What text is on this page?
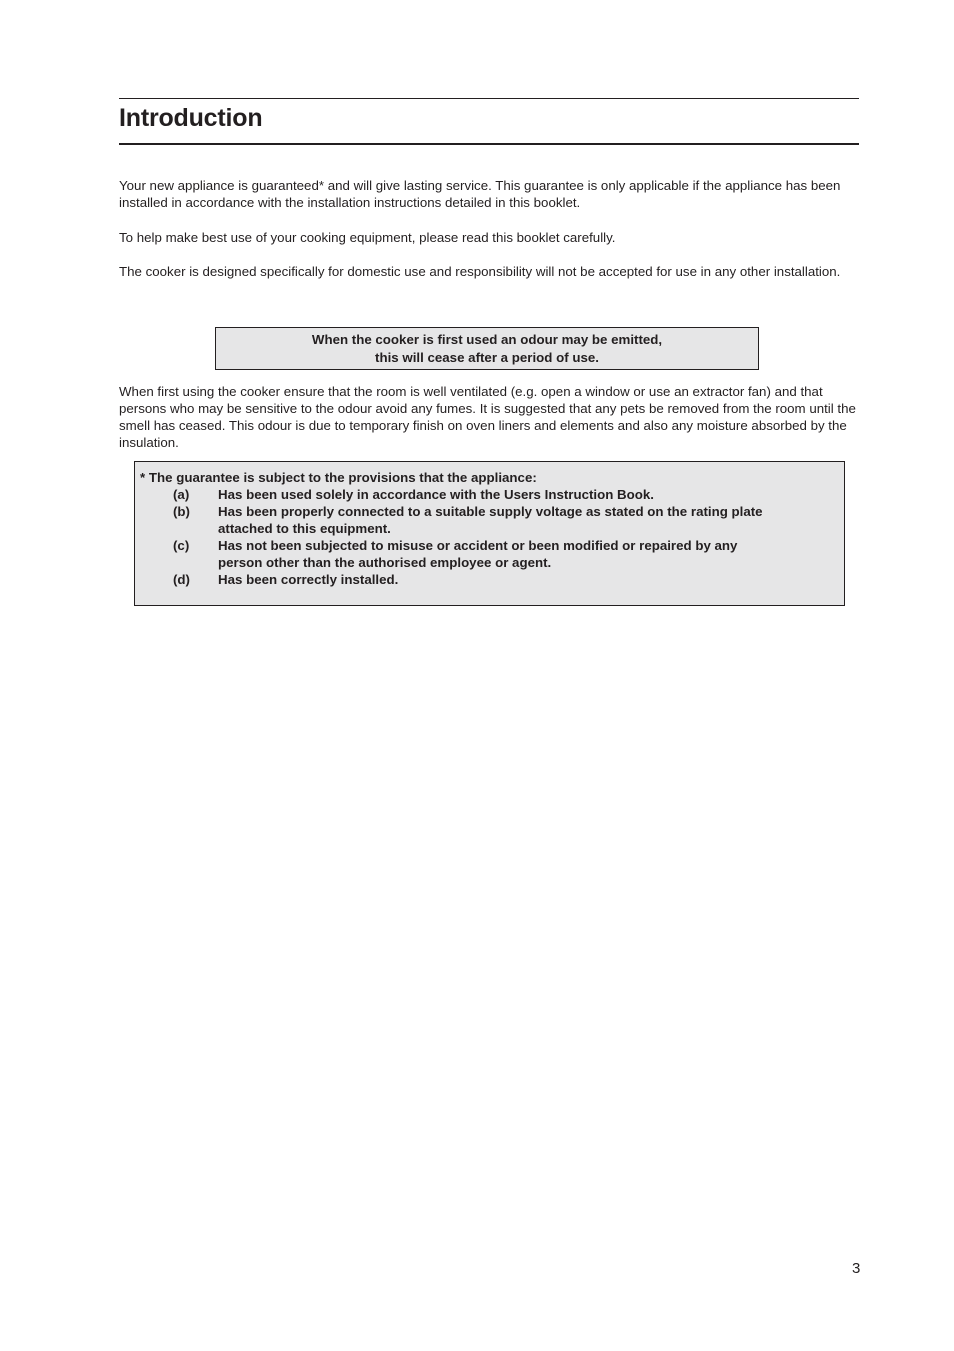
Introduction

Your new appliance is guaranteed* and will give lasting service. This guarantee is only applicable if the appliance has been installed in accordance with the installation instructions detailed in this booklet.

To help make best use of your cooking equipment, please read this booklet carefully.

The cooker is designed specifically for domestic use and responsibility will not be accepted for use in any other installation.

When the cooker is first used an odour may be emitted,
this will cease after a period of use.

When first using the cooker ensure that the room is well ventilated (e.g. open a window or use an extractor fan) and that persons who may be sensitive to the odour avoid any fumes. It is suggested that any pets be removed from the room until the smell has ceased. This odour is due to temporary finish on oven liners and elements and also any moisture absorbed by the insulation.

* The guarantee is subject to the provisions that the appliance:
(a) Has been used solely in accordance with the Users Instruction Book.
(b) Has been properly connected to a suitable supply voltage as stated on the rating plate attached to this equipment.
(c) Has not been subjected to misuse or accident or been modified or repaired by any person other than the authorised employee or agent.
(d) Has been correctly installed.
3
